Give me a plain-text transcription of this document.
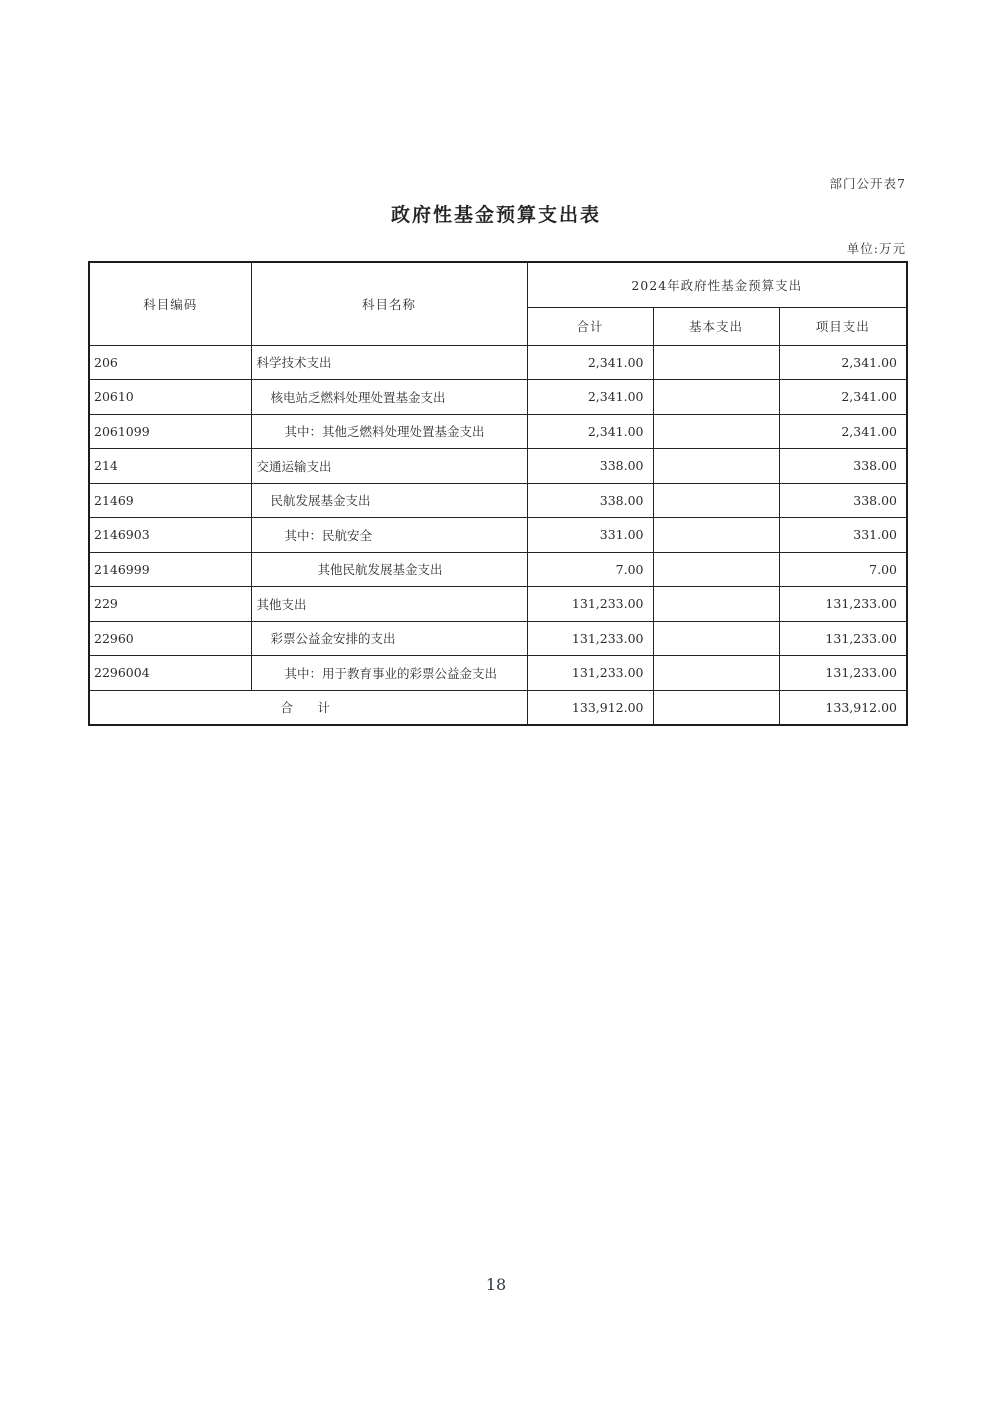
部门公开表7
政府性基金预算支出表
单位:万元
科目编码	科目名称	2024年政府性基金预算支出		
		合计	基本支出	项目支出
206	科学技术支出	2,341.00		2,341.00
20610	核电站乏燃料处理处置基金支出	2,341.00		2,341.00
2061099	其中：其他乏燃料处理处置基金支出	2,341.00		2,341.00
214	交通运输支出	338.00		338.00
21469	民航发展基金支出	338.00		338.00
2146903	其中：民航安全	331.00		331.00
2146999	其他民航发展基金支出	7.00		7.00
229	其他支出	131,233.00		131,233.00
22960	彩票公益金安排的支出	131,233.00		131,233.00
2296004	其中：用于教育事业的彩票公益金支出	131,233.00		131,233.00
合　计		133,912.00		133,912.00
18
